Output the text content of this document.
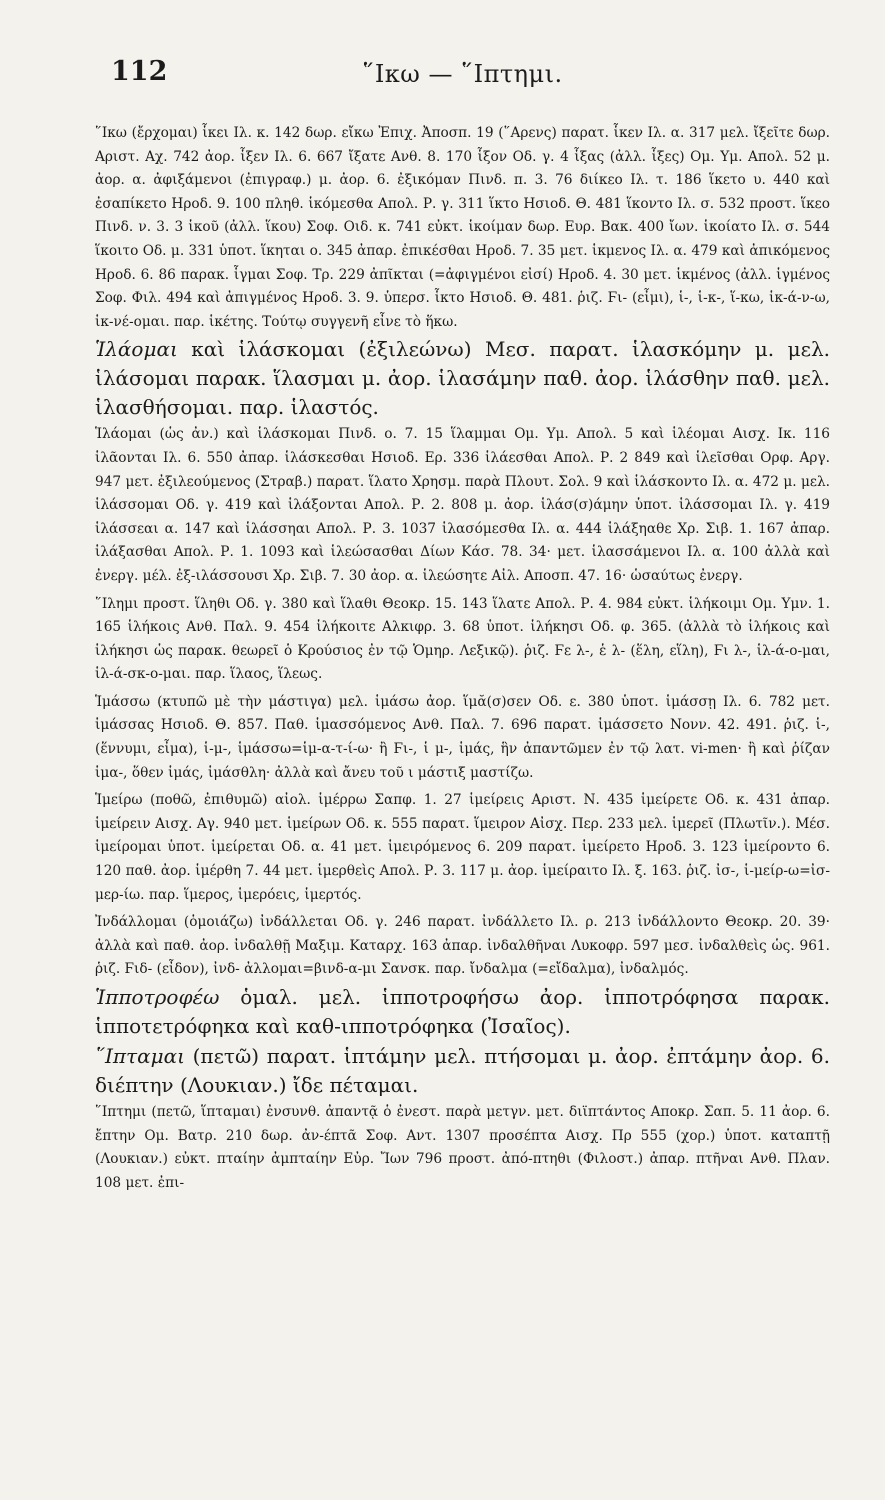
112	῞Ικω — ῞Ιπτημι.

῞Ικω (ἔρχομαι) ἷκει Ιλ. κ. 142 δωρ. εἴκω Ἐπιχ. Ἀποσπ. 19 (῞Αρενς) παρατ. ἷκεν Ιλ. α. 317 μελ. ἴξεῖτε δωρ. Αριστ. Αχ. 742 ἀορ. ἷξεν Ιλ. 6. 667 ἴξατε Ανθ. 8. 170 ἷξον Οδ. γ. 4 ἷξας (ἀλλ. ἷξες) Ομ. Υμ. Απολ. 52 μ. ἀορ. α. ἀφιξάμενοι (ἐπιγραφ.) μ. ἀορ. 6. ἐξικόμαν Πινδ. π. 3. 76 διίκεο Ιλ. τ. 186 ἵκετο υ. 440 καὶ ἐσαπίκετο Ηροδ. 9. 100 πληθ. ἱκόμεσθα Απολ. Ρ. γ. 311 ἵκτο Ησιοδ. Θ. 481 ἵκοντο Ιλ. σ. 532 προστ. ἵκεο Πινδ. ν. 3. 3 ἱκοῦ (ἀλλ. ἵκου) Σοφ. Οιδ. κ. 741 εὐκτ. ἱκοίμαν δωρ. Ευρ. Βακ. 400 ἴων. ἱκοίατο Ιλ. σ. 544 ἵκοιτο Οδ. μ. 331 ὑποτ. ἵκηται ο. 345 ἀπαρ. ἐπικέσθαι Ηροδ. 7. 35 μετ. ἱκμενος Ιλ. α. 479 καὶ ἀπικόμενος Ηροδ. 6. 86 παρακ. ἷγμαι Σοφ. Τρ. 229 ἀπῖκται (=ἀφιγμένοι εἰσί) Ηροδ. 4. 30 μετ. ἱκμένος (ἀλλ. ἱγμένος Σοφ. Φιλ. 494 καὶ ἀπιγμένος Ηροδ. 3. 9. ὑπερσ. ἷκτο Ησιοδ. Θ. 481. ῥιζ. Ϝι- (εἶμι), ἱ-, ἱ-κ-, ἵ-κω, ἱκ-ά-ν-ω, ἱκ-νέ-ομαι. παρ. ἱκέτης. Τούτῳ συγγενῆ εἶνε τὸ ἥκω.

Ἱλάομαι καὶ ἱλάσκομαι (ἐξιλεώνω) Μεσ. παρατ. ἱλασκόμην μ. μελ. ἱλάσομαι παρακ. ἵλασμαι μ. ἀορ. ἱλασάμην παθ. ἀορ. ἱλάσθην παθ. μελ. ἱλασθήσομαι. παρ. ἱλαστός.

Ἱλάομαι (ὡς ἀν.) καὶ ἱλάσκομαι Πινδ. ο. 7. 15 ἵλαμμαι Ομ. Υμ. Απολ. 5 καὶ ἱλέομαι Αισχ. Ικ. 116 ἱλᾶονται Ιλ. 6. 550 ἀπαρ. ἱλάσκεσθαι Ησιοδ. Ερ. 336 ἱλάεσθαι Απολ. Ρ. 2 849 καὶ ἱλεῖσθαι Ορφ. Αργ. 947 μετ. ἐξιλεούμενος (Στραβ.) παρατ. ἵλατο Χρησμ. παρὰ Πλουτ. Σολ. 9 καὶ ἱλάσκοντο Ιλ. α. 472 μ. μελ. ἱλάσσομαι Οδ. γ. 419 καὶ ἱλάξονται Απολ. Ρ. 2. 808 μ. ἀορ. ἱλάσ(σ)άμην ὑποτ. ἱλάσσομαι Ιλ. γ. 419 ἱλάσσεαι α. 147 καὶ ἱλάσσηαι Απολ. Ρ. 3. 1037 ἱλασόμεσθα Ιλ. α. 444 ἱλάξηαθε Χρ. Σιβ. 1. 167 ἀπαρ. ἱλάξασθαι Απολ. Ρ. 1. 1093 καὶ ἱλεώσασθαι Δίων Κάσ. 78. 34· μετ. ἱλασσάμενοι Ιλ. α. 100 ἀλλὰ καὶ ἐνεργ. μέλ. ἐξ-ιλάσσουσι Χρ. Σιβ. 7. 30 ἀορ. α. ἱλεώσητε Αἰλ. Αποσπ. 47. 16· ὡσαύτως ἐνεργ.

῞Ιλημι προστ. ἵληθι Οδ. γ. 380 καὶ ἵλαθι Θεοκρ. 15. 143 ἵλατε Απολ. Ρ. 4. 984 εὐκτ. ἱλήκοιμι Ομ. Υμν. 1. 165 ἱλήκοις Ανθ. Παλ. 9. 454 ἱλήκοιτε Αλκιφρ. 3. 68 ὑποτ. ἱλήκησι Οδ. φ. 365. (ἀλλὰ τὸ ἱλήκοις καὶ ἱλήκησι ὡς παρακ. θεωρεῖ ὁ Κρούσιος ἐν τῷ Ὁμηρ. Λεξικῷ). ῥιζ. Ϝε λ-, ἑ λ- (ἕλη, εἵλη), Ϝι λ-, ἱλ-ά-ο-μαι, ἱλ-ά-σκ-ο-μαι. παρ. ἵλαος, ἵλεως.

Ἱμάσσω (κτυπῶ μὲ τὴν μάστιγα) μελ. ἱμάσω ἀορ. ἵμᾰ(σ)σεν Οδ. ε. 380 ὑποτ. ἱμάσσῃ Ιλ. 6. 782 μετ. ἱμάσσας Ησιοδ. Θ. 857. Παθ. ἱμασσόμενος Ανθ. Παλ. 7. 696 παρατ. ἱμάσσετο Νονν. 42. 491. ῥιζ. ἱ-, (ἕννυμι, εἶμα), ἱ-μ-, ἱμάσσω=ἱμ-α-τ-ί-ω· ἢ Ϝι-, ἱ μ-, ἱμάς, ἣν ἀπαντῶμεν ἐν τῷ λατ. vi-men· ἢ καὶ ῥίζαν ἱμα-, ὅθεν ἱμάς, ἱμάσθλη· ἀλλὰ καὶ ἄνευ τοῦ ι μάστιξ μαστίζω.

Ἱμείρω (ποθῶ, ἐπιθυμῶ) αἰολ. ἱμέρρω Σαπφ. 1. 27 ἱμείρεις Αριστ. Ν. 435 ἱμείρετε Οδ. κ. 431 ἀπαρ. ἱμείρειν Αισχ. Αγ. 940 μετ. ἱμείρων Οδ. κ. 555 παρατ. ἵμειρον Αἰσχ. Περ. 233 μελ. ἱμερεῖ (Πλωτῖν.). Μέσ. ἱμείρομαι ὑποτ. ἱμείρεται Οδ. α. 41 μετ. ἱμειρόμενος 6. 209 παρατ. ἱμείρετο Ηροδ. 3. 123 ἱμείροντο 6. 120 παθ. ἀορ. ἱμέρθη 7. 44 μετ. ἱμερθεὶς Απολ. Ρ. 3. 117 μ. ἀορ. ἱμείραιτο Ιλ. ξ. 163. ῥιζ. ἰσ-, ἱ-μείρ-ω=ἰσ-μερ-ίω. παρ. ἵμερος, ἱμερόεις, ἱμερτός.

Ἰνδάλλομαι (ὁμοιάζω) ἰνδάλλεται Οδ. γ. 246 παρατ. ἰνδάλλετο Ιλ. ρ. 213 ἰνδάλλοντο Θεοκρ. 20. 39· ἀλλὰ καὶ παθ. ἀορ. ἰνδαλθῇ Μαξιμ. Καταρχ. 163 ἀπαρ. ἰνδαλθῆναι Λυκοφρ. 597 μεσ. ἰνδαλθεὶς ὡς. 961. ῥιζ. Ϝιδ- (εἶδον), ἰνδ- ἀλλομαι=βινδ-α-μι Σανσκ. παρ. ἴνδαλμα (=εἴδαλμα), ἰνδαλμός.

Ἱπποτροφέω ὁμαλ. μελ. ἱπποτροφήσω ἀορ. ἱπποτρόφησα παρακ. ἱπποτετρόφηκα καὶ καθ-ιπποτρόφηκα (Ἰσαῖος).

῞Ιπταμαι (πετῶ) παρατ. ἱπτάμην μελ. πτήσομαι μ. ἀορ. ἐπτάμην ἀορ. 6. διέπτην (Λουκιαν.) ἴδε πέταμαι.

῞Ιπτημι (πετῶ, ἵπταμαι) ἐνσυνθ. ἀπαντᾷ ὁ ἐνεστ. παρὰ μετγν. μετ. διϊπτάντος Αποκρ. Σαπ. 5. 11 ἀορ. 6. ἔπτην Ομ. Βατρ. 210 δωρ. ἀν-έπτᾶ Σοφ. Αντ. 1307 προσέπτα Αισχ. Πρ 555 (χορ.) ὑποτ. καταπτῇ (Λουκιαν.) εὐκτ. πταίην ἀμπταίην Εὐρ. Ἴων 796 προστ. ἀπό-πτηθι (Φιλοστ.) ἀπαρ. πτῆναι Ανθ. Πλαν. 108 μετ. ἐπι-
